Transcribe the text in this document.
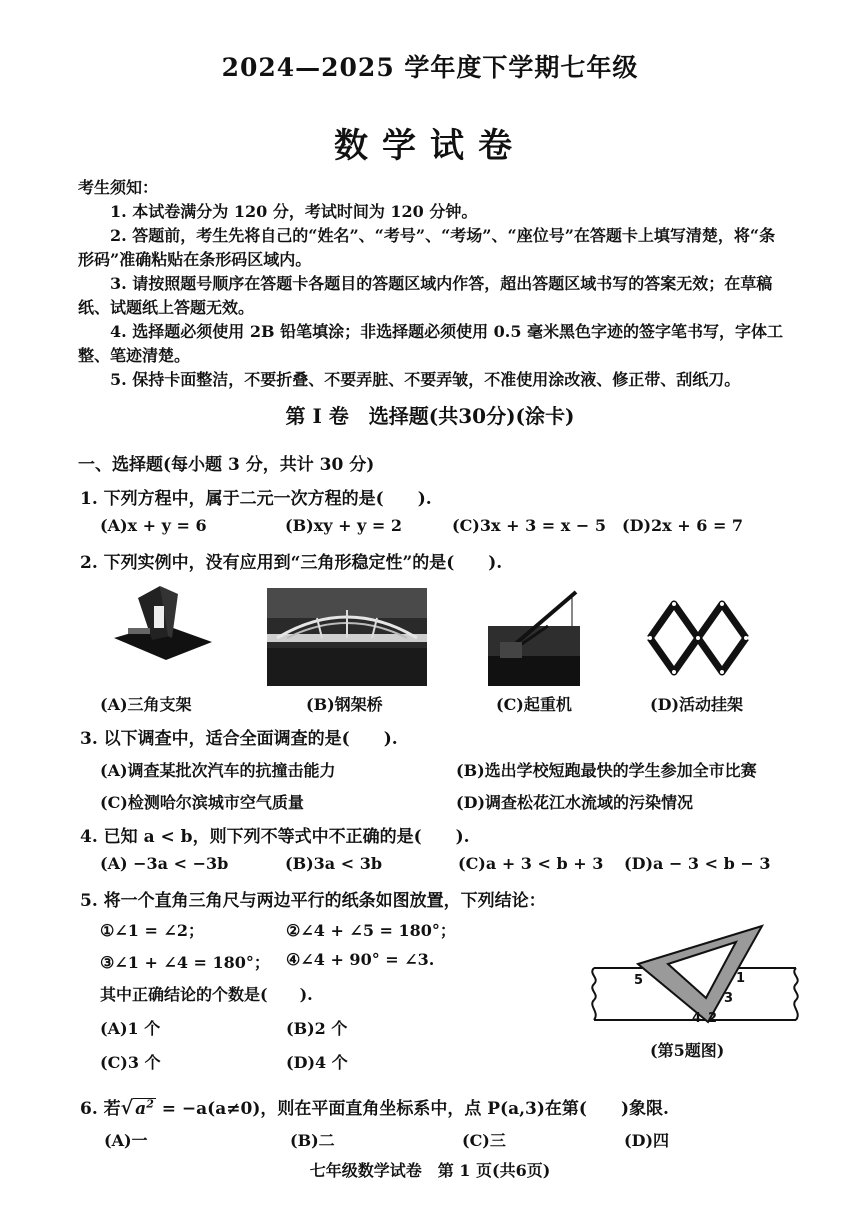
2024—2025 学年度下学期七年级
数学试卷

考生须知：

1. 本试卷满分为 120 分，考试时间为 120 分钟。

2. 答题前，考生先将自己的“姓名”、“考号”、“考场”、“座位号”在答题卡上填写清楚，将“条形码”准确粘贴在条形码区域内。

3. 请按照题号顺序在答题卡各题目的答题区域内作答，超出答题区域书写的答案无效；在草稿纸、试题纸上答题无效。

4. 选择题必须使用 2B 铅笔填涂；非选择题必须使用 0.5 毫米黑色字迹的签字笔书写，字体工整、笔迹清楚。

5. 保持卡面整洁，不要折叠、不要弄脏、不要弄皱，不准使用涂改液、修正带、刮纸刀。

第 I 卷　选择题(共30分)(涂卡)
一、选择题(每小题 3 分，共计 30 分)
1. 下列方程中，属于二元一次方程的是(　　).
(A)x + y = 6	(B)xy + y = 2	(C)3x + 3 = x − 5 (D)2x + 6 = 7
2. 下列实例中，没有应用到“三角形稳定性”的是(　　).
(A)三角支架	(B)钢架桥	(C)起重机	(D)活动挂架
3. 以下调查中，适合全面调查的是(　　).
(A)调查某批次汽车的抗撞击能力	(B)选出学校短跑最快的学生参加全市比赛
(C)检测哈尔滨城市空气质量	(D)调查松花江水流域的污染情况
4. 已知 a < b，则下列不等式中不正确的是(　　).
(A) −3a < −3b	(B)3a < 3b	(C)a + 3 < b + 3 (D)a − 3 < b − 3
5. 将一个直角三角尺与两边平行的纸条如图放置，下列结论：
①∠1 = ∠2；	②∠4 + ∠5 = 180°；
③∠1 + ∠4 = 180°； ④∠4 + 90° = ∠3.
其中正确结论的个数是(　　).
(A)1 个	(B)2 个
(C)3 个	(D)4 个
1
2
3
4
5
(第5题图)
6. 若√ $a^2 = -a(a\ne 0)$，则在平面直角坐标系中，点 P(a,3)在第(　　)象限.
(A)一	(B)二	(C)三	(D)四
七年级数学试卷　第 1 页(共6页)
